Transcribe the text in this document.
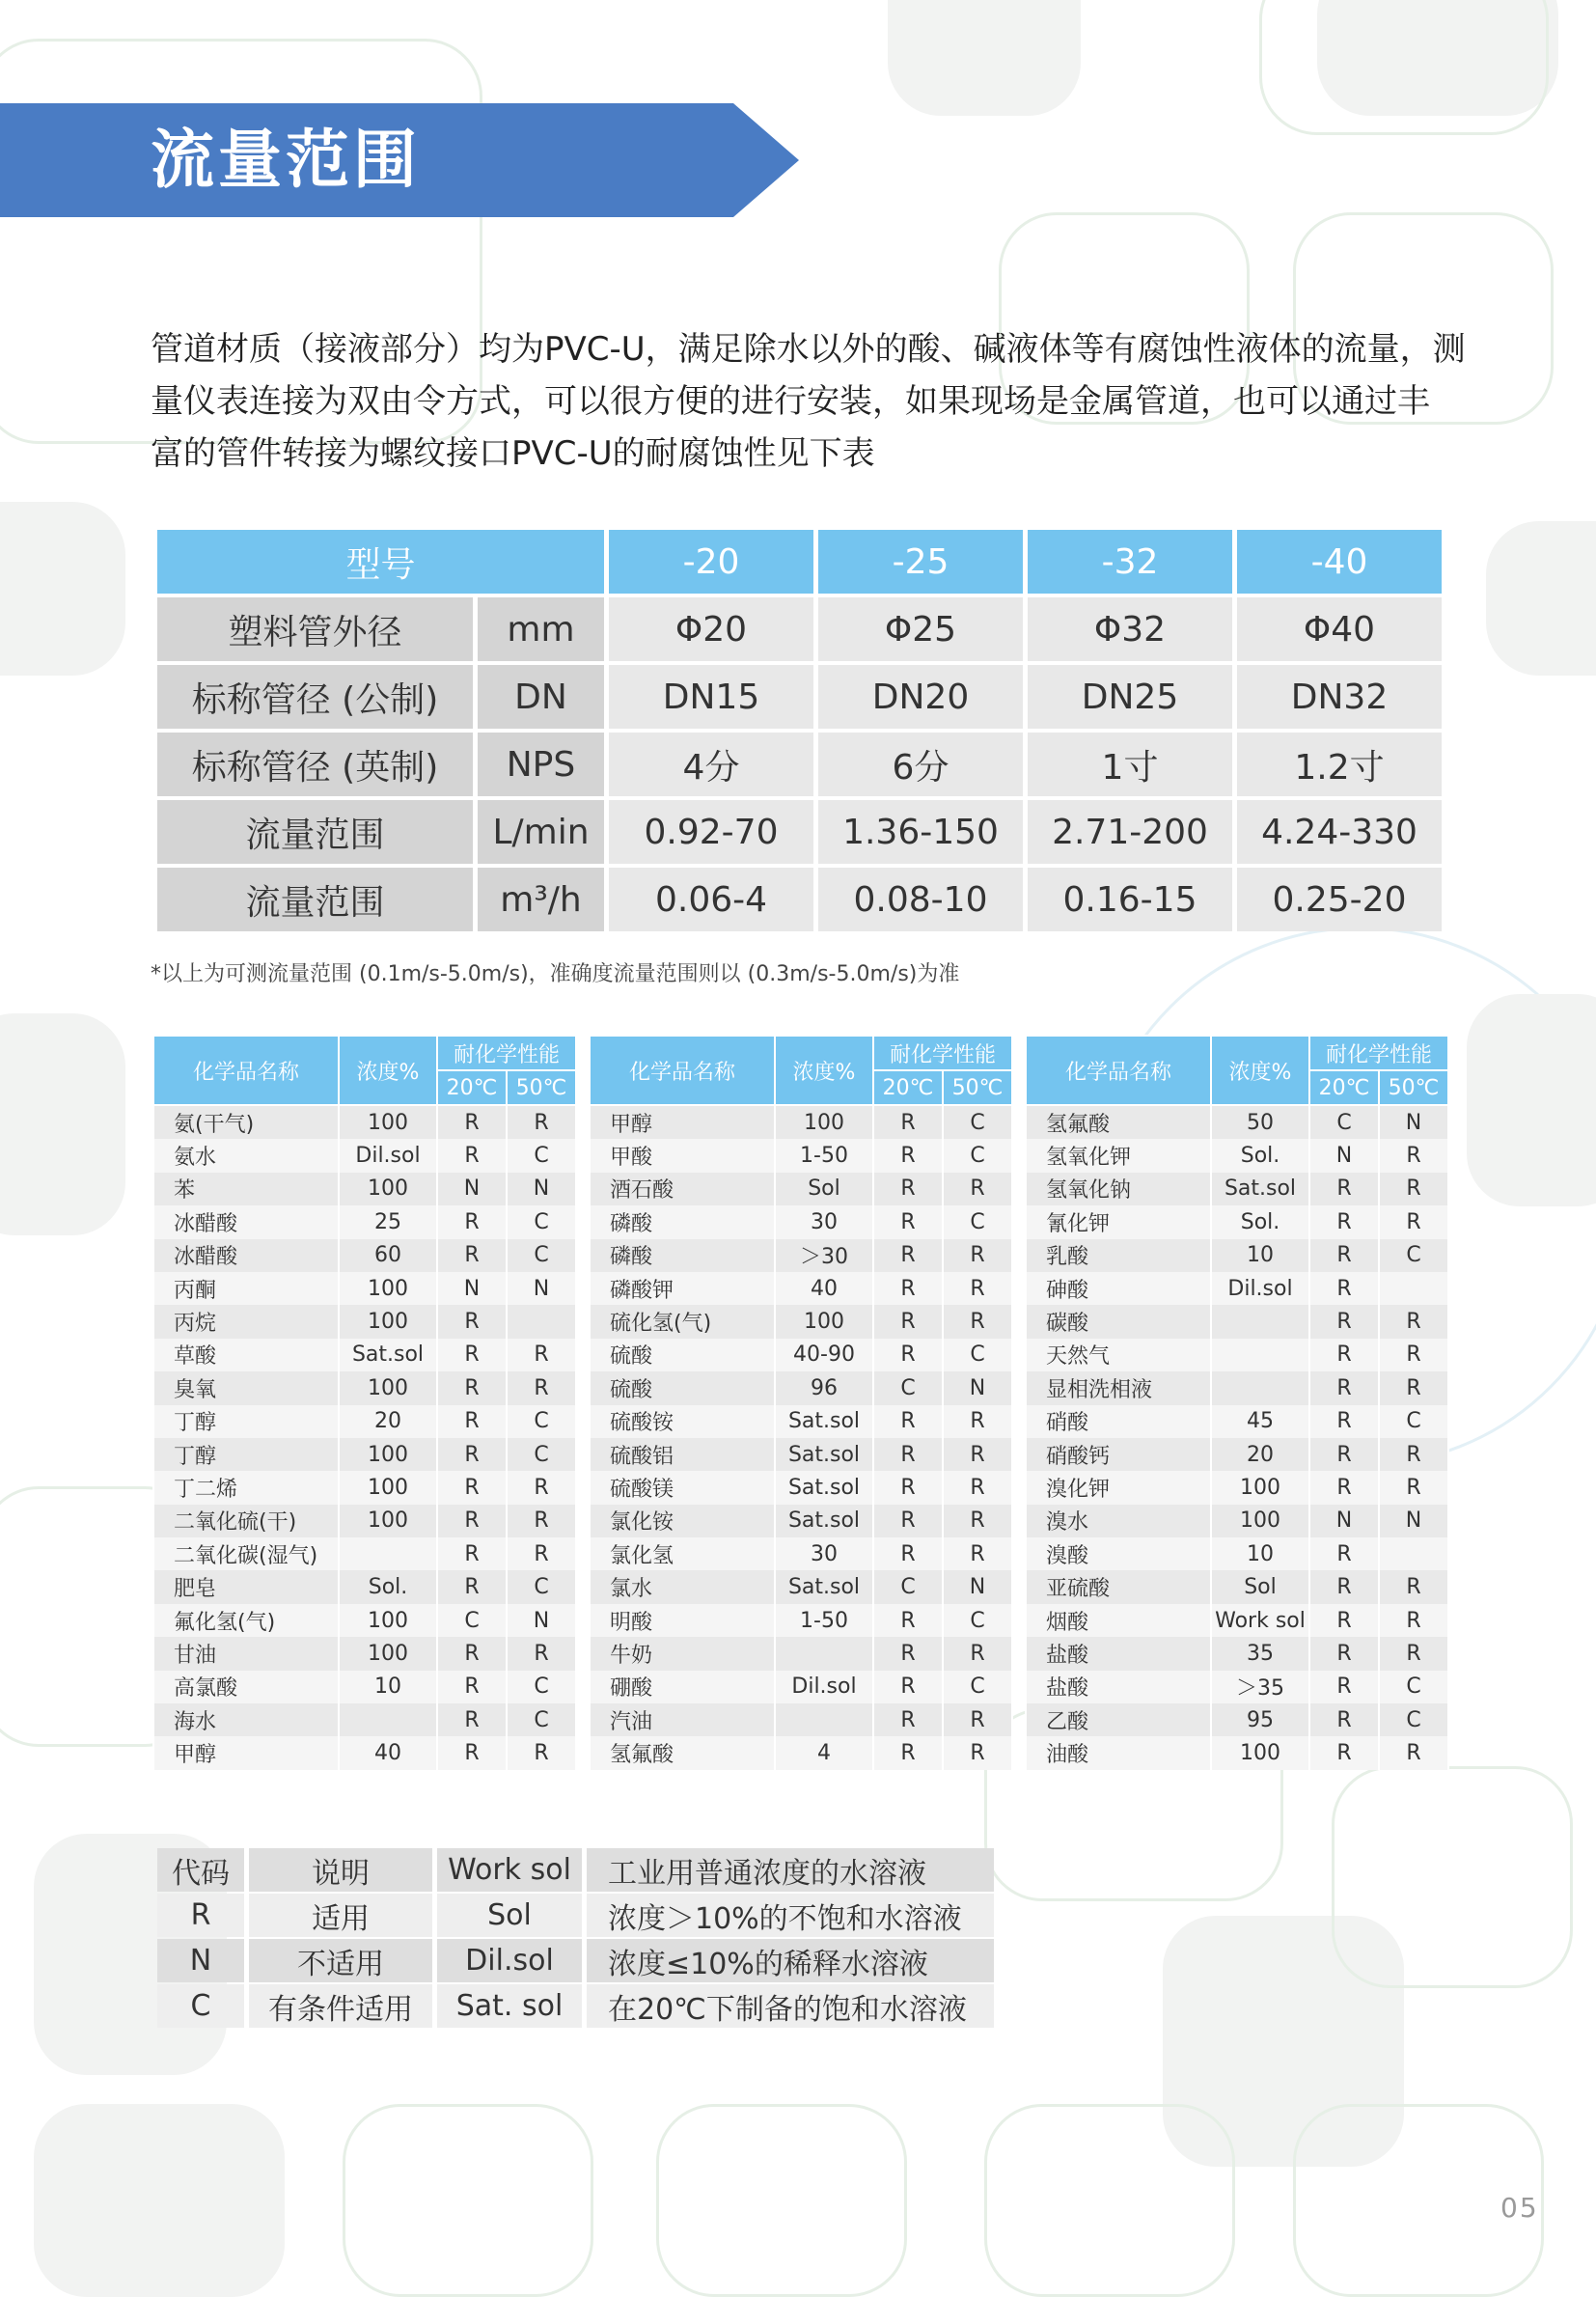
流量范围

管道材质（接液部分）均为PVC-U，满足除水以外的酸、碱液体等有腐蚀性液体的流量，测

量仪表连接为双由令方式，可以很方便的进行安装，如果现场是金属管道，也可以通过丰

富的管件转接为螺纹接口PVC-U的耐腐蚀性见下表

型号		-20	-25	-32	-40
塑料管外径	mm	Φ20	Φ25	Φ32	Φ40
标称管径 (公制)	DN	DN15	DN20	DN25	DN32
标称管径 (英制)	NPS	4分	6分	1寸	1.2寸
流量范围	L/min	0.92-70	1.36-150	2.71-200	4.24-330
流量范围	m³/h	0.06-4	0.08-10	0.16-15	0.25-20
*以上为可测流量范围 (0.1m/s-5.0m/s)，准确度流量范围则以 (0.3m/s-5.0m/s)为准
化学品名称	浓度%	耐化学性能	
		20℃	50℃
氨(干气)	100	R	R
氨水	Dil.sol	R	C
苯	100	N	N
冰醋酸	25	R	C
冰醋酸	60	R	C
丙酮	100	N	N
丙烷	100	R	
草酸	Sat.sol	R	R
臭氧	100	R	R
丁醇	20	R	C
丁醇	100	R	C
丁二烯	100	R	R
二氧化硫(干)	100	R	R
二氧化碳(湿气)		R	R
肥皂	Sol.	R	C
氟化氢(气)	100	C	N
甘油	100	R	R
高氯酸	10	R	C
海水		R	C
甲醇	40	R	R
化学品名称	浓度%	耐化学性能	
		20℃	50℃
甲醇	100	R	C
甲酸	1-50	R	C
酒石酸	Sol	R	R
磷酸	30	R	C
磷酸	＞30	R	R
磷酸钾	40	R	R
硫化氢(气)	100	R	R
硫酸	40-90	R	C
硫酸	96	C	N
硫酸铵	Sat.sol	R	R
硫酸铝	Sat.sol	R	R
硫酸镁	Sat.sol	R	R
氯化铵	Sat.sol	R	R
氯化氢	30	R	R
氯水	Sat.sol	C	N
明酸	1-50	R	C
牛奶		R	R
硼酸	Dil.sol	R	C
汽油		R	R
氢氟酸	4	R	R
化学品名称	浓度%	耐化学性能	
		20℃	50℃
氢氟酸	50	C	N
氢氧化钾	Sol.	N	R
氢氧化钠	Sat.sol	R	R
氰化钾	Sol.	R	R
乳酸	10	R	C
砷酸	Dil.sol	R	
碳酸		R	R
天然气		R	R
显相洗相液		R	R
硝酸	45	R	C
硝酸钙	20	R	R
溴化钾	100	R	R
溴水	100	N	N
溴酸	10	R	
亚硫酸	Sol	R	R
烟酸	Work sol	R	R
盐酸	35	R	R
盐酸	＞35	R	C
乙酸	95	R	C
油酸	100	R	R
代码	说明	Work sol	工业用普通浓度的水溶液
R	适用	Sol	浓度＞10%的不饱和水溶液
N	不适用	Dil.sol	浓度≤10%的稀释水溶液
C	有条件适用	Sat. sol	在20℃下制备的饱和水溶液
05
